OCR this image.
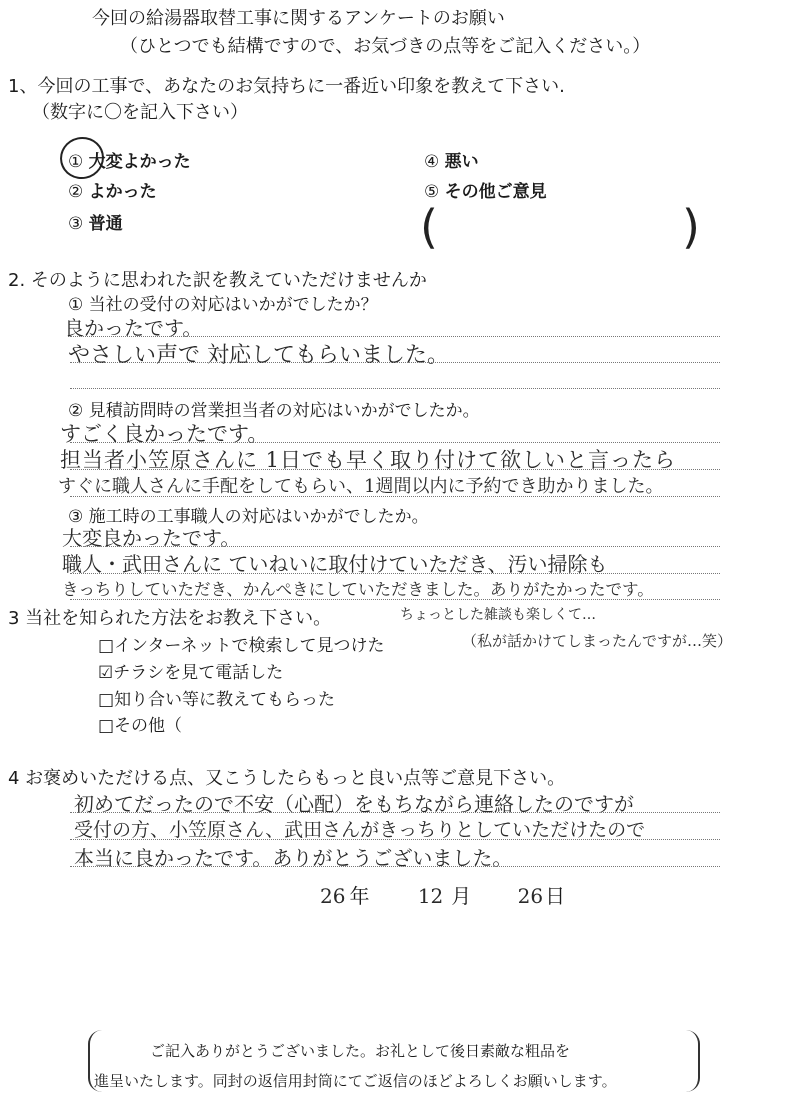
今回の給湯器取替工事に関するアンケートのお願い
（ひとつでも結構ですので、お気づきの点等をご記入ください。）
1、今回の工事で、あなたのお気持ちに一番近い印象を教えて下さい.
（数字に〇を記入下さい）
① 大変よかった
② よかった
③ 普通
④ 悪い
⑤ その他ご意見
(	)
2. そのように思われた訳を教えていただけませんか
① 当社の受付の対応はいかがでしたか？
良かったです。
やさしい声で 対応してもらいました。
② 見積訪問時の営業担当者の対応はいかがでしたか。
すごく良かったです。
担当者小笠原さんに 1日でも早く取り付けて欲しいと言ったら
すぐに職人さんに手配をしてもらい、1週間以内に予約でき助かりました。
③ 施工時の工事職人の対応はいかがでしたか。
大変良かったです。
職人・武田さんに ていねいに取付けていただき、汚い掃除も
きっちりしていただき、かんぺきにしていただきました。ありがたかったです。
3 当社を知られた方法をお教え下さい。	ちょっとした雑談も楽しくて…
（私が話かけてしまったんですが…笑）
□インターネットで検索して見つけた
☑チラシを見て電話した
□知り合い等に教えてもらった
□その他（
4 お褒めいただける点、又こうしたらもっと良い点等ご意見下さい。
初めてだったので不安（心配）をもちながら連絡したのですが
受付の方、小笠原さん、武田さんがきっちりとしていただけたので
本当に良かったです。ありがとうございました。
26 年 12 月 26 日
ご記入ありがとうございました。お礼として後日素敵な粗品を
進呈いたします。同封の返信用封筒にてご返信のほどよろしくお願いします。
